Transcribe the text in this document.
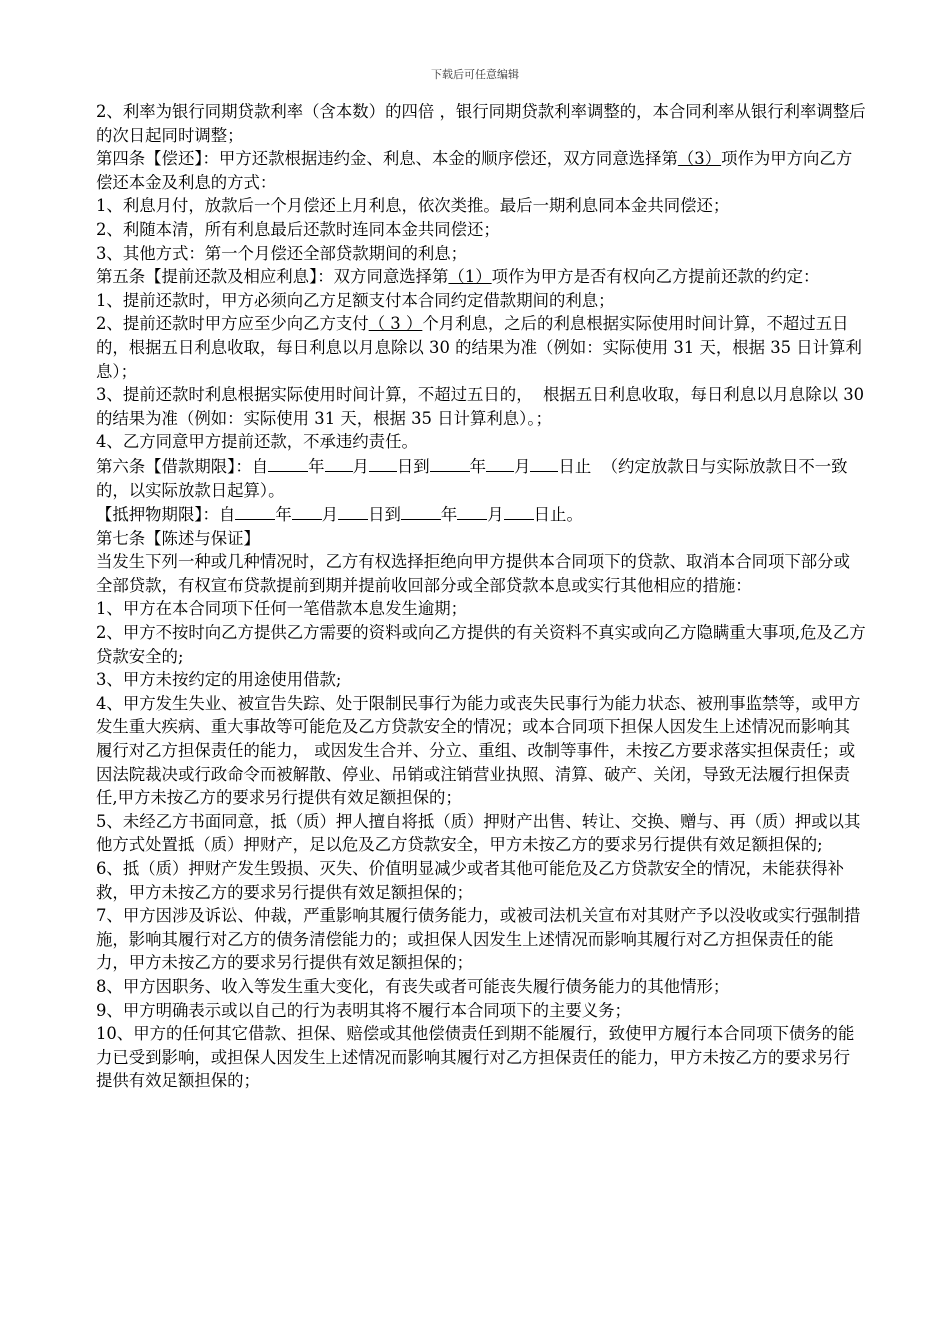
下载后可任意编辑

2、利率为银行同期贷款利率（含本数）的四倍 ，银行同期贷款利率调整的，本合同利率从银行利率调整后的次日起同时调整；

第四条【偿还】：甲方还款根据违约金、利息、本金的顺序偿还，双方同意选择第（3）项作为甲方向乙方偿还本金及利息的方式：

1、利息月付，放款后一个月偿还上月利息，依次类推。最后一期利息同本金共同偿还；

2、利随本清，所有利息最后还款时连同本金共同偿还；

3、其他方式：第一个月偿还全部贷款期间的利息；

第五条【提前还款及相应利息】：双方同意选择第（1）项作为甲方是否有权向乙方提前还款的约定：

1、提前还款时，甲方必须向乙方足额支付本合同约定借款期间的利息；

2、提前还款时甲方应至少向乙方支付（ 3 ）个月利息，之后的利息根据实际使用时间计算，不超过五日的，根据五日利息收取，每日利息以月息除以 30 的结果为准（例如：实际使用 31 天，根据 35 日计算利息）；

3、提前还款时利息根据实际使用时间计算，不超过五日的，  根据五日利息收取，每日利息以月息除以 30 的结果为准（例如：实际使用 31 天，根据 35 日计算利息）。；

4、乙方同意甲方提前还款，不承违约责任。

第六条【借款期限】：自 年 月 日到 年 月 日止  （约定放款日与实际放款日不一致的，以实际放款日起算）。

【抵押物期限】：自 年 月 日到 年 月 日止。

第七条【陈述与保证】

当发生下列一种或几种情况时，乙方有权选择拒绝向甲方提供本合同项下的贷款、取消本合同项下部分或全部贷款，有权宣布贷款提前到期并提前收回部分或全部贷款本息或实行其他相应的措施：

1、甲方在本合同项下任何一笔借款本息发生逾期；

2、甲方不按时向乙方提供乙方需要的资料或向乙方提供的有关资料不真实或向乙方隐瞒重大事项,危及乙方贷款安全的;

3、甲方未按约定的用途使用借款;

4、甲方发生失业、被宣告失踪、处于限制民事行为能力或丧失民事行为能力状态、被刑事监禁等，或甲方发生重大疾病、重大事故等可能危及乙方贷款安全的情况；或本合同项下担保人因发生上述情况而影响其履行对乙方担保责任的能力， 或因发生合并、分立、重组、改制等事件，未按乙方要求落实担保责任；或因法院裁决或行政命令而被解散、停业、吊销或注销营业执照、清算、破产、关闭，导致无法履行担保责任,甲方未按乙方的要求另行提供有效足额担保的；

5、未经乙方书面同意，抵（质）押人擅自将抵（质）押财产出售、转让、交换、赠与、再（质）押或以其他方式处置抵（质）押财产，足以危及乙方贷款安全，甲方未按乙方的要求另行提供有效足额担保的;

6、抵（质）押财产发生毁损、灭失、价值明显减少或者其他可能危及乙方贷款安全的情况，未能获得补救，甲方未按乙方的要求另行提供有效足额担保的；

7、甲方因涉及诉讼、仲裁，严重影响其履行债务能力，或被司法机关宣布对其财产予以没收或实行强制措施，影响其履行对乙方的债务清偿能力的；或担保人因发生上述情况而影响其履行对乙方担保责任的能力，甲方未按乙方的要求另行提供有效足额担保的；

8、甲方因职务、收入等发生重大变化，有丧失或者可能丧失履行债务能力的其他情形；

9、甲方明确表示或以自己的行为表明其将不履行本合同项下的主要义务；

10、甲方的任何其它借款、担保、赔偿或其他偿债责任到期不能履行，致使甲方履行本合同项下债务的能力已受到影响，或担保人因发生上述情况而影响其履行对乙方担保责任的能力，甲方未按乙方的要求另行提供有效足额担保的；
